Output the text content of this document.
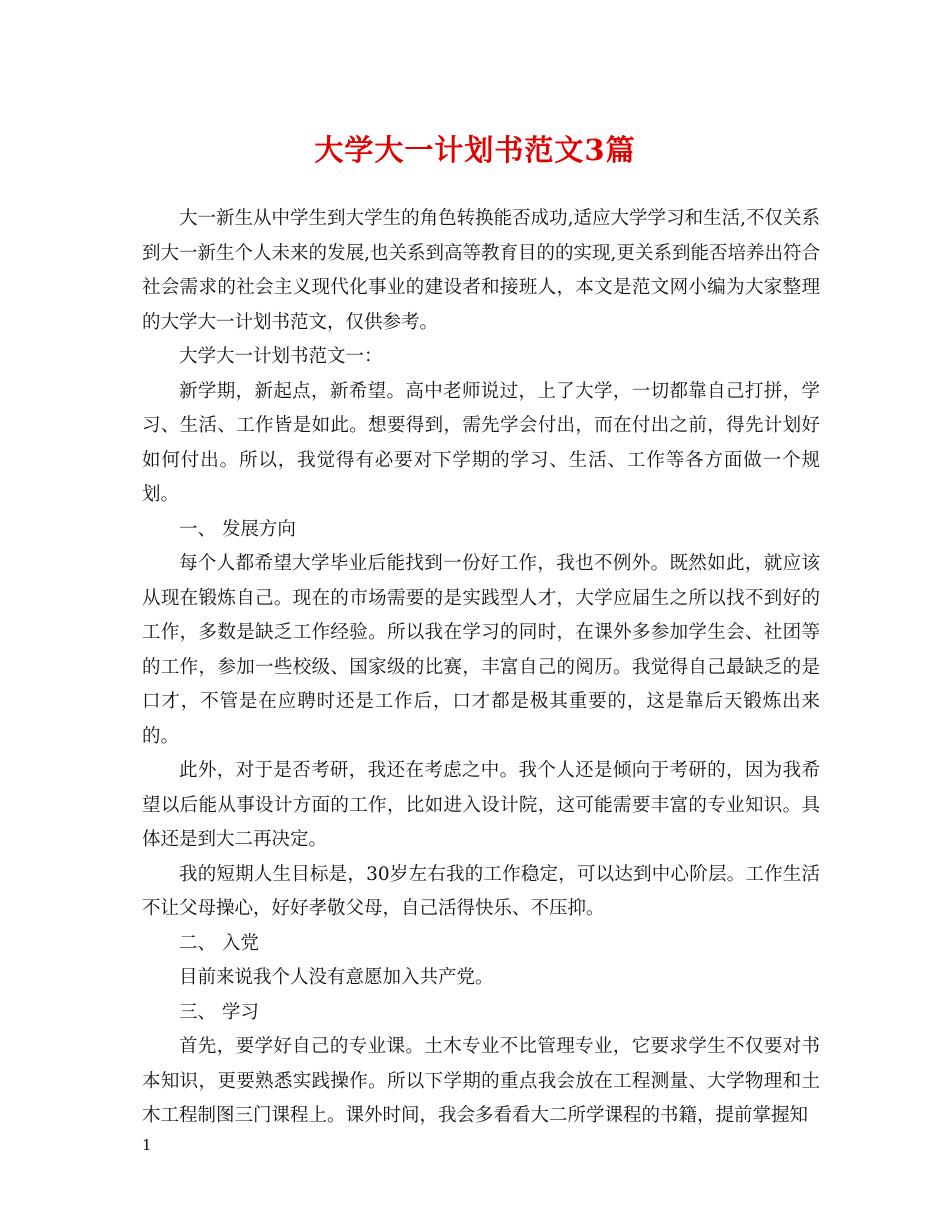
大学大一计划书范文3篇

大一新生从中学生到大学生的角色转换能否成功,适应大学学习和生活,不仅关系到大一新生个人未来的发展,也关系到高等教育目的的实现,更关系到能否培养出符合社会需求的社会主义现代化事业的建设者和接班人，本文是范文网小编为大家整理的大学大一计划书范文，仅供参考。

大学大一计划书范文一：

新学期，新起点，新希望。高中老师说过，上了大学，一切都靠自己打拼，学习、生活、工作皆是如此。想要得到，需先学会付出，而在付出之前，得先计划好如何付出。所以，我觉得有必要对下学期的学习、生活、工作等各方面做一个规划。

一、 发展方向

每个人都希望大学毕业后能找到一份好工作，我也不例外。既然如此，就应该从现在锻炼自己。现在的市场需要的是实践型人才，大学应届生之所以找不到好的工作，多数是缺乏工作经验。所以我在学习的同时，在课外多参加学生会、社团等的工作，参加一些校级、国家级的比赛，丰富自己的阅历。我觉得自己最缺乏的是口才，不管是在应聘时还是工作后，口才都是极其重要的，这是靠后天锻炼出来的。

此外，对于是否考研，我还在考虑之中。我个人还是倾向于考研的，因为我希望以后能从事设计方面的工作，比如进入设计院，这可能需要丰富的专业知识。具体还是到大二再决定。

我的短期人生目标是，30岁左右我的工作稳定，可以达到中心阶层。工作生活不让父母操心，好好孝敬父母，自己活得快乐、不压抑。

二、 入党

目前来说我个人没有意愿加入共产党。

三、 学习

首先，要学好自己的专业课。土木专业不比管理专业，它要求学生不仅要对书本知识，更要熟悉实践操作。所以下学期的重点我会放在工程测量、大学物理和土木工程制图三门课程上。课外时间，我会多看看大二所学课程的书籍，提前掌握知

1
